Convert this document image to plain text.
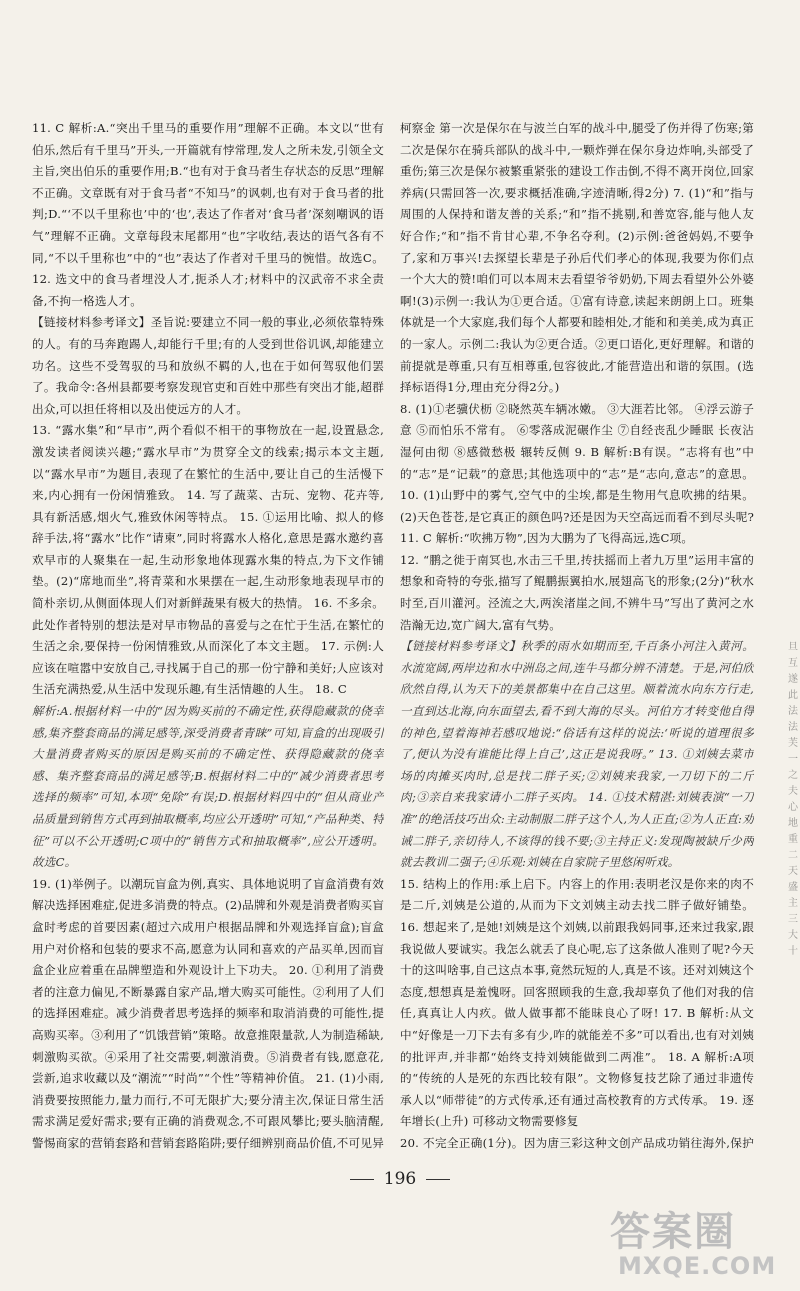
11. C 解析:A.“突出千里马的重要作用”理解不正确。本文以“世有伯乐,然后有千里马”开头,一开篇就有悖常理,发人之所未发,引领全文主旨,突出伯乐的重要作用;B.“也有对于食马者生存状态的反思”理解不正确。文章既有对于食马者“不知马”的讽刺,也有对于食马者的批判;D.“‘不以千里称也’中的‘也’,表达了作者对‘食马者’深刻嘲讽的语气”理解不正确。文章每段末尾都用“也”字收结,表达的语气各有不同,“不以千里称也”中的“也”表达了作者对千里马的惋惜。故选C。 12. 选文中的食马者埋没人才,扼杀人才;材料中的汉武帝不求全责备,不拘一格选人才。

【链接材料参考译文】圣旨说:要建立不同一般的事业,必须依靠特殊的人。有的马奔跑踢人,却能行千里;有的人受到世俗讥讽,却能建立功名。这些不受驾驭的马和放纵不羁的人,也在于如何驾驭他们罢了。我命令:各州县都要考察发现官吏和百姓中那些有突出才能,超群出众,可以担任将相以及出使远方的人才。

13. “露水集”和“早市”,两个看似不相干的事物放在一起,设置悬念,激发读者阅读兴趣;“露水早市”为贯穿全文的线索;揭示本文主题,以“露水早市”为题目,表现了在繁忙的生活中,要让自己的生活慢下来,内心拥有一份闲情雅致。 14. 写了蔬菜、古玩、宠物、花卉等,具有新活感,烟火气,雅致休闲等特点。 15. ①运用比喻、拟人的修辞手法,将“露水”比作“请柬”,同时将露水人格化,意思是露水邀约喜欢早市的人聚集在一起,生动形象地体现露水集的特点,为下文作铺垫。(2)“席地而坐”,将青菜和水果摆在一起,生动形象地表现早市的简朴亲切,从侧面体现人们对新鲜蔬果有极大的热情。 16. 不多余。此处作者特别的想法是对早市物品的喜爱与之在忙于生活,在繁忙的生活之余,要保持一份闲情雅致,从而深化了本文主题。 17. 示例:人应该在喧嚣中安放自己,寻找属于自己的那一份宁静和美好;人应该对生活充满热爱,从生活中发现乐趣,有生活情趣的人生。 18. C

解析:A.根据材料一中的“因为购买前的不确定性,获得隐藏款的侥幸感,集齐整套商品的满足感等,深受消费者青睐”可知,盲盒的出现吸引大量消费者购买的原因是购买前的不确定性、获得隐藏款的侥幸感、集齐整套商品的满足感等;B.根据材料二中的“减少消费者思考选择的频率”可知,本项“免除”有误;D.根据材料四中的“但从商业产品质量到销售方式再到抽取概率,均应公开透明”可知,“产品种类、特征”可以不公开透明;C项中的“销售方式和抽取概率”,应公开透明。故选C。

19. (1)举例子。以潮玩盲盒为例,真实、具体地说明了盲盒消费有效解决选择困难症,促进多消费的特点。(2)品牌和外观是消费者购买盲盒时考虑的首要因素(超过六成用户根据品牌和外观选择盲盒);盲盒用户对价格和包装的要求不高,愿意为认同和喜欢的产品买单,因而盲盒企业应着重在品牌塑造和外观设计上下功夫。 20. ①利用了消费者的注意力偏见,不断暴露自家产品,增大购买可能性。②利用了人们的选择困难症。减少消费者思考选择的频率和取消消费的可能性,提高购买率。③利用了“饥饿营销”策略。故意推限量款,人为制造稀缺,刺激购买欲。④采用了社交需要,刺激消费。⑤消费者有钱,愿意花,尝新,追求收藏以及“潮流”“时尚”“个性”等精神价值。 21. (1)小雨,消费要按照能力,量力而行,不可无限扩大;要分清主次,保证日常生活需求满足爱好需求;要有正确的消费观念,不可跟风攀比;要头脑清醒,警惕商家的营销套路和营销套路陷阱;要仔细辨别商品价值,不可见异

柯察金 第一次是保尔在与波兰白军的战斗中,腿受了伤并得了伤寒;第二次是保尔在骑兵部队的战斗中,一颗炸弹在保尔身边炸响,头部受了重伤;第三次是保尔被繁重紧张的建设工作击倒,不得不离开岗位,回家养病(只需回答一次,要求概括准确,字迹清晰,得2分) 7. (1)“和”指与周围的人保持和谐友善的关系;“和”指不挑剔,和善宽容,能与他人友好合作;“和”指不肯甘心辈,不争名夺利。(2)示例:爸爸妈妈,不要争了,家和万事兴!去探望长辈是子孙后代们孝心的体现,我要为你们点一个大大的赞!咱们可以本周末去看望爷爷奶奶,下周去看望外公外婆啊!(3)示例一:我认为①更合适。①富有诗意,读起来朗朗上口。班集体就是一个大家庭,我们每个人都要和睦相处,才能和和美美,成为真正的一家人。示例二:我认为②更合适。②更口语化,更好理解。和谐的前提就是尊重,只有互相尊重,包容彼此,才能营造出和谐的氛围。(选择标语得1分,理由充分得2分。)

8. (1)①老骥伏枥 ②晓然英车辆冰嫩。 ③大涯若比邻。 ④浮云游子意 ⑤而怕乐不常有。 ⑥零落成泥碾作尘 ⑦自经丧乱少睡眠 长夜沾湿何由彻 ⑧感微愁极 辗转反侧 9. B 解析:B有误。“志将有也”中的“志”是“记载”的意思;其他选项中的“志”是“志向,意志”的意思。 10. (1)山野中的雾气,空气中的尘埃,都是生物用气息吹拂的结果。(2)天色苍苍,是它真正的颜色吗?还是因为天空高远而看不到尽头呢? 11. C 解析:“吹拂万物”,因为大鹏为了飞得高远,选C项。

12. “鹏之徙于南冥也,水击三千里,抟扶摇而上者九万里”运用丰富的想象和奇特的夸张,描写了鲲鹏振翼拍水,展翅高飞的形象;(2分)“秋水时至,百川灌河。泾流之大,两涘渚崖之间,不辨牛马”写出了黄河之水浩瀚无边,宽广阔大,富有气势。

【链接材料参考译文】秋季的雨水如期而至,千百条小河注入黄河。水流宽阔,两岸边和水中洲岛之间,连牛马都分辨不清楚。于是,河伯欣欣然自得,认为天下的美景都集中在自己这里。顺着流水向东方行走,一直到达北海,向东面望去,看不到大海的尽头。河伯方才转变他自得的神色,望着海神若感叹地说:“俗话有这样的说法:‘听说的道理很多了,便认为没有谁能比得上自己’,这正是说我呀。” 13. ①刘姨去菜市场的肉摊买肉时,总是找二胖子买;②刘姨来我家,一刀切下的二斤肉;③亲自来我家请小二胖子买肉。 14. ①技术精湛:刘姨表演“一刀准”的绝活技巧出众:主动制服二胖子这个人,为人正直;②为人正直:劝诫二胖子,亲切待人,不该得的钱不要;③主持正义:发现陶被缺斤少两就去教训二强子;④乐观:刘姨在自家院子里悠闲听戏。

15. 结构上的作用:承上启下。内容上的作用:表明老汉是你来的肉不是二斤,刘姨是公道的,从而为下文刘姨主动去找二胖子做好铺垫。 16. 想起来了,是她!刘姨是这个刘姨,以前跟我妈同事,还来过我家,跟我说做人要诚实。我怎么就丢了良心呢,忘了这条做人准则了呢?今天十的这叫啥事,自己这点本事,竟然玩短的人,真是不该。还对刘姨这个态度,想想真是羞愧呀。回客照顾我的生意,我却辜负了他们对我的信任,真真让人内疚。做人做事都不能昧良心了呀! 17. B 解析:从文中“好像是一刀下去有多有少,咋的就能差不多”可以看出,也有对刘姨的批评声,并非都“始终支持刘姨能做到二两准”。 18. A 解析:A项的“传统的人是死的东西比较有限”。文物修复技艺除了通过非遗传承人以“师带徒”的方式传承,还有通过高校教育的方式传承。 19. 逐年增长(上升) 可移动文物需要修复

20. 不完全正确(1分)。因为唐三彩这种文创产品成功销往海外,保护

196
旦 互 遂 此 法 法 芙 一 之 夫 心 地 重 二 天 盛 主 三 大 十
答案圈
MXQE.COM
